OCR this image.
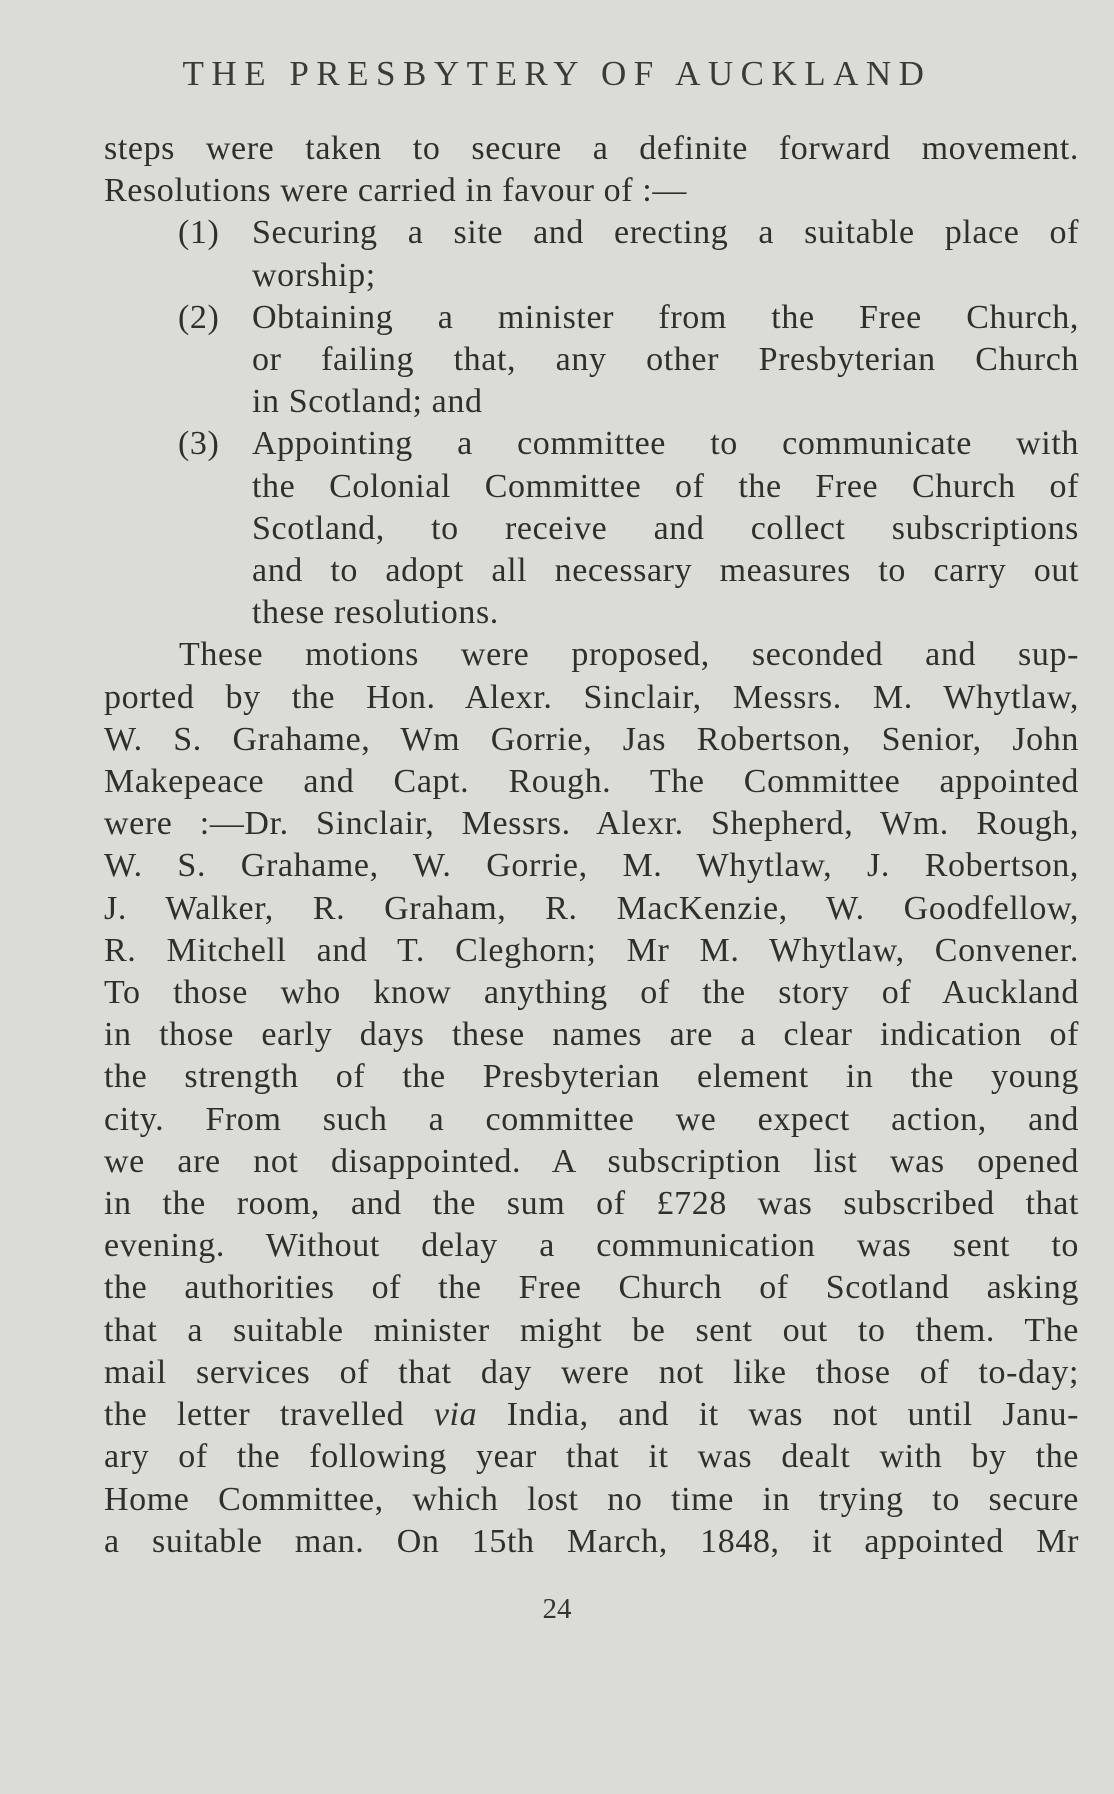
THE PRESBYTERY OF AUCKLAND
steps were taken to secure a definite forward movement.
Resolutions were carried in favour of :—
(1) Securing a site and erecting a suitable place of
worship;
(2) Obtaining a minister from the Free Church,
or failing that, any other Presbyterian Church
in Scotland; and
(3) Appointing a committee to communicate with
the Colonial Committee of the Free Church of
Scotland, to receive and collect subscriptions
and to adopt all necessary measures to carry out
these resolutions.
These motions were proposed, seconded and sup-
ported by the Hon. Alexr. Sinclair, Messrs. M. Whytlaw,
W. S. Grahame, Wm Gorrie, Jas Robertson, Senior, John
Makepeace and Capt. Rough. The Committee appointed
were :—Dr. Sinclair, Messrs. Alexr. Shepherd, Wm. Rough,
W. S. Grahame, W. Gorrie, M. Whytlaw, J. Robertson,
J. Walker, R. Graham, R. MacKenzie, W. Goodfellow,
R. Mitchell and T. Cleghorn; Mr M. Whytlaw, Convener.
To those who know anything of the story of Auckland
in those early days these names are a clear indication of
the strength of the Presbyterian element in the young
city. From such a committee we expect action, and
we are not disappointed. A subscription list was opened
in the room, and the sum of £728 was subscribed that
evening. Without delay a communication was sent to
the authorities of the Free Church of Scotland asking
that a suitable minister might be sent out to them. The
mail services of that day were not like those of to-day;
the letter travelled via India, and it was not until Janu-
ary of the following year that it was dealt with by the
Home Committee, which lost no time in trying to secure
a suitable man. On 15th March, 1848, it appointed Mr
24
